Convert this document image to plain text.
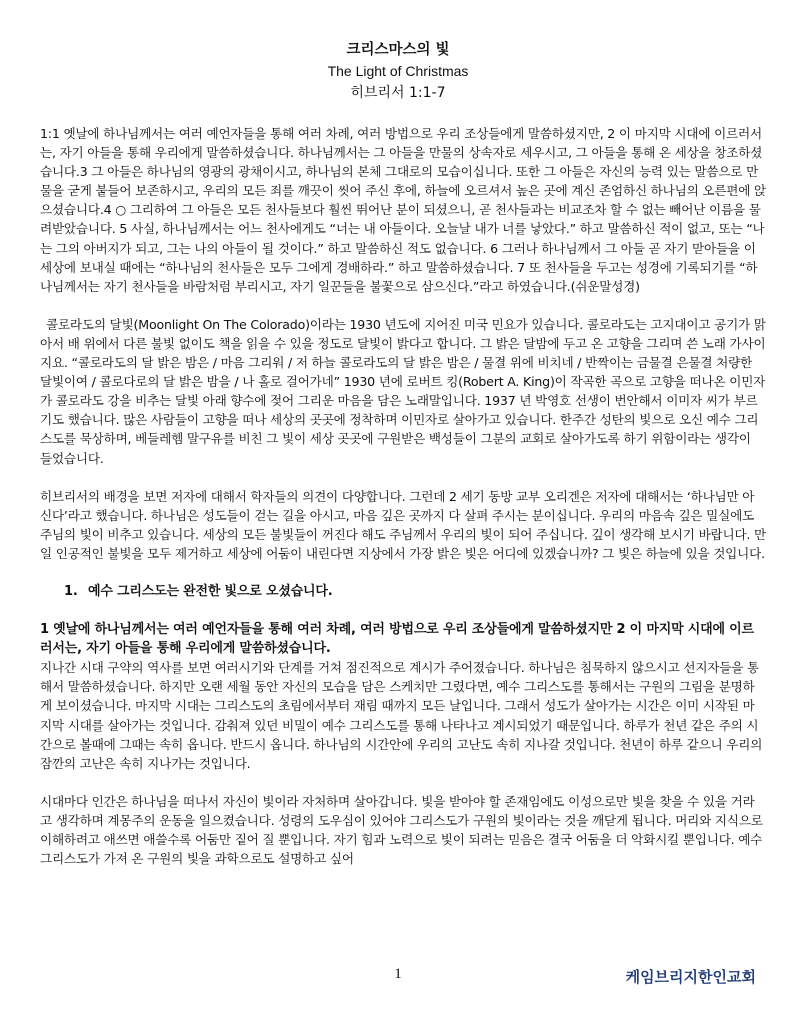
크리스마스의 빛
The Light of Christmas
히브리서 1:1-7

1:1 옛날에 하나님께서는 여러 예언자들을 통해 여러 차례, 여러 방법으로 우리 조상들에게 말씀하셨지만, 2 이 마지막 시대에 이르러서는, 자기 아들을 통해 우리에게 말씀하셨습니다. 하나님께서는 그 아들을 만물의 상속자로 세우시고, 그 아들을 통해 온 세상을 창조하셨습니다.3 그 아들은 하나님의 영광의 광채이시고, 하나님의 본체 그대로의 모습이십니다. 또한 그 아들은 자신의 능력 있는 말씀으로 만물을 굳게 붙들어 보존하시고, 우리의 모든 죄를 깨끗이 씻어 주신 후에, 하늘에 오르셔서 높은 곳에 계신 존엄하신 하나님의 오른편에 앉으셨습니다.4 ○ 그리하여 그 아들은 모든 천사들보다 훨씬 뛰어난 분이 되셨으니, 곧 천사들과는 비교조차 할 수 없는 빼어난 이름을 물려받았습니다. 5 사실, 하나님께서는 어느 천사에게도 “너는 내 아들이다. 오늘날 내가 너를 낳았다.” 하고 말씀하신 적이 없고, 또는 “나는 그의 아버지가 되고, 그는 나의 아들이 될 것이다.” 하고 말씀하신 적도 없습니다. 6 그러나 하나님께서 그 아들 곧 자기 맏아들을 이 세상에 보내실 때에는 “하나님의 천사들은 모두 그에게 경배하라.” 하고 말씀하셨습니다. 7 또 천사들을 두고는 성경에 기록되기를 “하나님께서는 자기 천사들을 바람처럼 부리시고, 자기 일꾼들을 불꽃으로 삼으신다.”라고 하였습니다.(쉬운말성경)

콜로라도의 달빛(Moonlight On The Colorado)이라는 1930 년도에 지어진 미국 민요가 있습니다. 콜로라도는 고지대이고 공기가 맑아서 배 위에서 다른 불빛 없이도 책을 읽을 수 있을 정도로 달빛이 밝다고 합니다. 그 밝은 달밤에 두고 온 고향을 그리며 쓴 노래 가사이지요. “콜로라도의 달 밝은 밤은 / 마음 그리워 / 저 하늘 콜로라도의 달 밝은 밤은 / 물결 위에 비치네 / 반짝이는 금물결 은물결 처량한 달빛이여 / 콜로다로의 달 밝은 밤을 / 나 홀로 걸어가네” 1930 년에 로버트 킹(Robert A. King)이 작곡한 곡으로 고향을 떠나온 이민자가 콜로라도 강을 비추는 달빛 아래 향수에 젖어 그리운 마음을 담은 노래말입니다. 1937 년 박영호 선생이 번안해서 이미자 씨가 부르기도 했습니다. 많은 사람들이 고향을 떠나 세상의 곳곳에 정착하며 이민자로 살아가고 있습니다. 한주간 성탄의 빛으로 오신 예수 그리스도를 묵상하며, 베들레헴 말구유를 비친 그 빛이 세상 곳곳에 구원받은 백성들이 그분의 교회로 살아가도록 하기 위함이라는 생각이 들었습니다.

히브리서의 배경을 보면 저자에 대해서 학자들의 의견이 다양합니다. 그런데 2 세기 동방 교부 오리겐은 저자에 대해서는 ‘하나님만 아신다’라고 했습니다. 하나님은 성도들이 걷는 길을 아시고, 마음 깊은 곳까지 다 살펴 주시는 분이십니다. 우리의 마음속 깊은 밀실에도 주님의 빛이 비추고 있습니다. 세상의 모든 불빛들이 꺼진다 해도 주님께서 우리의 빛이 되어 주십니다. 깊이 생각해 보시기 바랍니다. 만일 인공적인 불빛을 모두 제거하고 세상에 어둠이 내린다면 지상에서 가장 밝은 빛은 어디에 있겠습니까? 그 빛은 하늘에 있을 것입니다.

1. 예수 그리스도는 완전한 빛으로 오셨습니다.

1 옛날에 하나님께서는 여러 예언자들을 통해 여러 차례, 여러 방법으로 우리 조상들에게 말씀하셨지만 2 이 마지막 시대에 이르러서는, 자기 아들을 통해 우리에게 말씀하셨습니다.

지나간 시대 구약의 역사를 보면 여러시기와 단계를 거쳐 점진적으로 계시가 주어졌습니다. 하나님은 침묵하지 않으시고 선지자들을 통해서 말씀하셨습니다. 하지만 오랜 세월 동안 자신의 모습을 담은 스케치만 그렸다면, 예수 그리스도를 통해서는 구원의 그림을 분명하게 보이셨습니다. 마지막 시대는 그리스도의 초림에서부터 재림 때까지 모든 날입니다. 그래서 성도가 살아가는 시간은 이미 시작된 마지막 시대를 살아가는 것입니다. 감춰져 있던 비밀이 예수 그리스도를 통해 나타나고 계시되었기 때문입니다. 하루가 천년 같은 주의 시간으로 볼때에 그때는 속히 옵니다. 반드시 옵니다. 하나님의 시간안에 우리의 고난도 속히 지나갈 것입니다. 천년이 하루 같으니 우리의 잠깐의 고난은 속히 지나가는 것입니다.

시대마다 인간은 하나님을 떠나서 자신이 빛이라 자처하며 살아갑니다. 빛을 받아야 할 존재임에도 이성으로만 빛을 찾을 수 있을 거라고 생각하며 계몽주의 운동을 일으켰습니다. 성령의 도우심이 있어야 그리스도가 구원의 빛이라는 것을 깨닫게 됩니다. 머리와 지식으로 이해하려고 애쓰면 애쓸수록 어둠만 짙어 질 뿐입니다. 자기 힘과 노력으로 빛이 되려는 믿음은 결국 어둠을 더 악화시킬 뿐입니다. 예수 그리스도가 가져 온 구원의 빛을 과학으로도 설명하고 싶어

1	케임브리지한인교회
